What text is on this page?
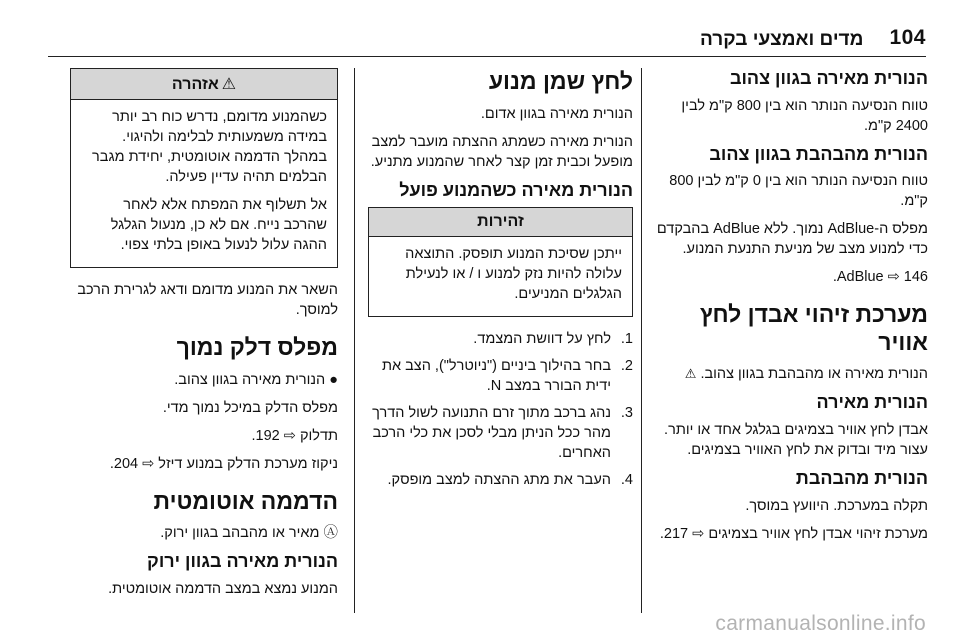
מדים ואמצעי בקרה 104
הנורית מאירה בגוון צהוב

טווח הנסיעה הנותר הוא בין 800 ק"מ לבין 2400 ק"מ.

הנורית מהבהבת בגוון צהוב

טווח הנסיעה הנותר הוא בין 0 ק"מ לבין 800 ק"מ.

מפלס ה-AdBlue נמוך. ללא AdBlue בהבקדם כדי למנוע מצב של מניעת התנעת המנוע.

AdBlue ⇨ 146.

מערכת זיהוי אבדן לחץ אוויר

הנורית מאירה או מהבהבת בגוון צהוב. ⚠

הנורית מאירה

אבדן לחץ אוויר בצמיגים בגלגל אחד או יותר. עצור מיד ובדוק את לחץ האוויר בצמיגים.

הנורית מהבהבת

תקלה במערכת. היוועץ במוסך.

מערכת זיהוי אבדן לחץ אוויר בצמיגים ⇨ 217.

לחץ שמן מנוע

הנורית מאירה בגוון אדום.

הנורית מאירה כשמתג ההצתה מועבר למצב מופעל וכבית זמן קצר לאחר שהמנוע מתניע.

הנורית מאירה כשהמנוע פועל
זהירות

ייתכן שסיכת המנוע תופסק. התוצאה עלולה להיות נזק למנוע ו / או לנעילת הגלגלים המניעים.

1.
לחץ על דוושת המצמד.
2.
בחר בהילוך ביניים ("ניוטרל"), הצב את ידית הבורר במצב N.
3.
נהג ברכב מתוך זרם התנועה לשול הדרך מהר ככל הניתן מבלי לסכן את כלי הרכב האחרים.
4.
העבר את מתג ההצתה למצב מופסק.
⚠אזהרה

כשהמנוע מדומם, נדרש כוח רב יותר במידה משמעותית לבלימה ולהיגוי. במהלך הדממה אוטומטית, יחידת מגבר הבלמים תהיה עדיין פעילה.

אל תשלוף את המפתח אלא לאחר שהרכב נייח. אם לא כן, מנעול הגלגל ההגה עלול לנעול באופן בלתי צפוי.

השאר את המנוע מדומם ודאג לגרירת הרכב למוסך.

מפלס דלק נמוך

● הנורית מאירה בגוון צהוב.

מפלס הדלק במיכל נמוך מדי.

תדלוק ⇨ 192.

ניקוז מערכת הדלק במנוע דיזל ⇨ 204.

הדממה אוטומטית

Ⓐ מאיר או מהבהב בגוון ירוק.

הנורית מאירה בגוון ירוק

המנוע נמצא במצב הדממה אוטומטית.

carmanualsonline.info
